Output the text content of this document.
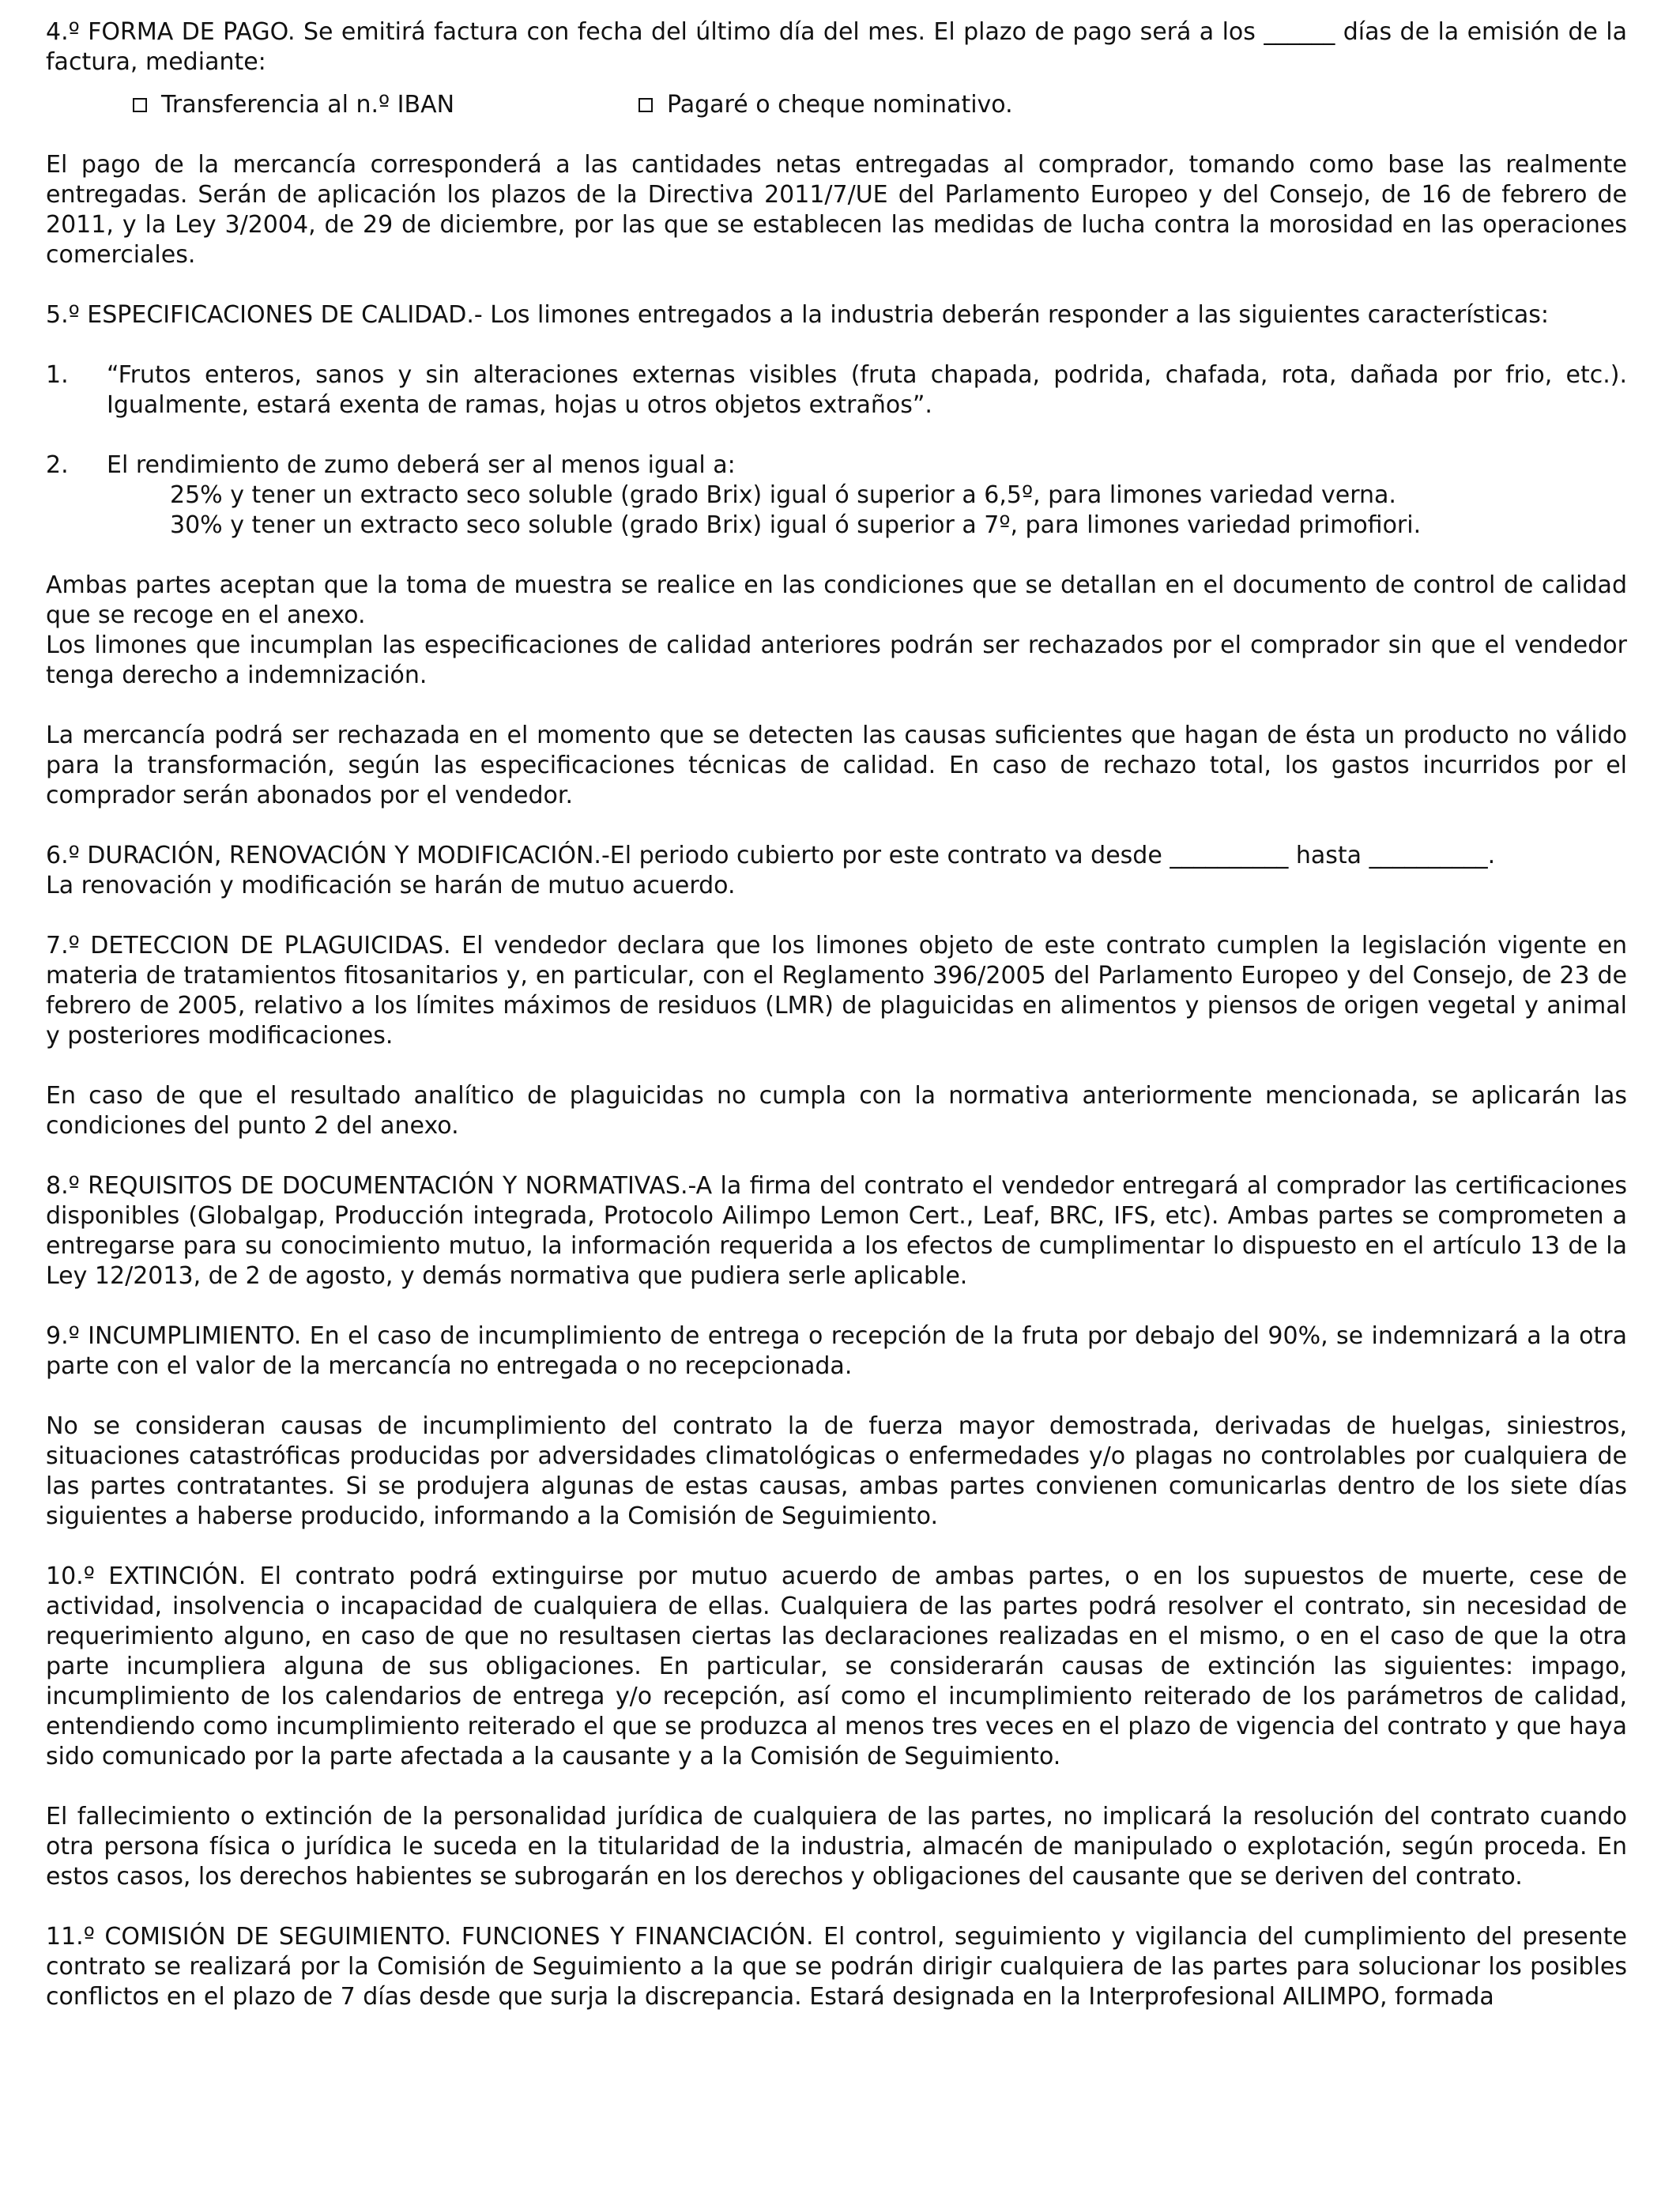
4.º FORMA DE PAGO. Se emitirá factura con fecha del último día del mes. El plazo de pago será a los ______ días de la emisión de la factura, mediante:

Transferencia al n.º IBAN	Pagaré o cheque nominativo.

El pago de la mercancía corresponderá a las cantidades netas entregadas al comprador, tomando como base las realmente entregadas. Serán de aplicación los plazos de la Directiva 2011/7/UE del Parlamento Europeo y del Consejo, de 16 de febrero de 2011, y la Ley 3/2004, de 29 de diciembre, por las que se establecen las medidas de lucha contra la morosidad en las operaciones comerciales.

5.º ESPECIFICACIONES DE CALIDAD.- Los limones entregados a la industria deberán responder a las siguientes características:

1.	“Frutos enteros, sanos y sin alteraciones externas visibles (fruta chapada, podrida, chafada, rota, dañada por frio, etc.). Igualmente, estará exenta de ramas, hojas u otros objetos extraños”.
2.	El rendimiento de zumo deberá ser al menos igual a:

25% y tener un extracto seco soluble (grado Brix) igual ó superior a 6,5º, para limones variedad verna.

30% y tener un extracto seco soluble (grado Brix) igual ó superior a 7º, para limones variedad primofiori.

Ambas partes aceptan que la toma de muestra se realice en las condiciones que se detallan en el documento de control de calidad que se recoge en el anexo.

Los limones que incumplan las especificaciones de calidad anteriores podrán ser rechazados por el comprador sin que el vendedor tenga derecho a indemnización.

La mercancía podrá ser rechazada en el momento que se detecten las causas suficientes que hagan de ésta un producto no válido para la transformación, según las especificaciones técnicas de calidad. En caso de rechazo total, los gastos incurridos por el comprador serán abonados por el vendedor.

6.º DURACIÓN, RENOVACIÓN Y MODIFICACIÓN.-El periodo cubierto por este contrato va desde __________ hasta __________.

La renovación y modificación se harán de mutuo acuerdo.

7.º DETECCION DE PLAGUICIDAS. El vendedor declara que los limones objeto de este contrato cumplen la legislación vigente en materia de tratamientos fitosanitarios y, en particular, con el Reglamento 396/2005 del Parlamento Europeo y del Consejo, de 23 de febrero de 2005, relativo a los límites máximos de residuos (LMR) de plaguicidas en alimentos y piensos de origen vegetal y animal y posteriores modificaciones.

En caso de que el resultado analítico de plaguicidas no cumpla con la normativa anteriormente mencionada, se aplicarán las condiciones del punto 2 del anexo.

8.º REQUISITOS DE DOCUMENTACIÓN Y NORMATIVAS.-A la firma del contrato el vendedor entregará al comprador las certificaciones disponibles (Globalgap, Producción integrada, Protocolo Ailimpo Lemon Cert., Leaf, BRC, IFS, etc). Ambas partes se comprometen a entregarse para su conocimiento mutuo, la información requerida a los efectos de cumplimentar lo dispuesto en el artículo 13 de la Ley 12/2013, de 2 de agosto, y demás normativa que pudiera serle aplicable.

9.º INCUMPLIMIENTO. En el caso de incumplimiento de entrega o recepción de la fruta por debajo del 90%, se indemnizará a la otra parte con el valor de la mercancía no entregada o no recepcionada.

No se consideran causas de incumplimiento del contrato la de fuerza mayor demostrada, derivadas de huelgas, siniestros, situaciones catastróficas producidas por adversidades climatológicas o enfermedades y/o plagas no controlables por cualquiera de las partes contratantes. Si se produjera algunas de estas causas, ambas partes convienen comunicarlas dentro de los siete días siguientes a haberse producido, informando a la Comisión de Seguimiento.

10.º EXTINCIÓN. El contrato podrá extinguirse por mutuo acuerdo de ambas partes, o en los supuestos de muerte, cese de actividad, insolvencia o incapacidad de cualquiera de ellas. Cualquiera de las partes podrá resolver el contrato, sin necesidad de requerimiento alguno, en caso de que no resultasen ciertas las declaraciones realizadas en el mismo, o en el caso de que la otra parte incumpliera alguna de sus obligaciones. En particular, se considerarán causas de extinción las siguientes: impago, incumplimiento de los calendarios de entrega y/o recepción, así como el incumplimiento reiterado de los parámetros de calidad, entendiendo como incumplimiento reiterado el que se produzca al menos tres veces en el plazo de vigencia del contrato y que haya sido comunicado por la parte afectada a la causante y a la Comisión de Seguimiento.

El fallecimiento o extinción de la personalidad jurídica de cualquiera de las partes, no implicará la resolución del contrato cuando otra persona física o jurídica le suceda en la titularidad de la industria, almacén de manipulado o explotación, según proceda. En estos casos, los derechos habientes se subrogarán en los derechos y obligaciones del causante que se deriven del contrato.

11.º COMISIÓN DE SEGUIMIENTO. FUNCIONES Y FINANCIACIÓN. El control, seguimiento y vigilancia del cumplimiento del presente contrato se realizará por la Comisión de Seguimiento a la que se podrán dirigir cualquiera de las partes para solucionar los posibles conflictos en el plazo de 7 días desde que surja la discrepancia. Estará designada en la Interprofesional AILIMPO, formada
